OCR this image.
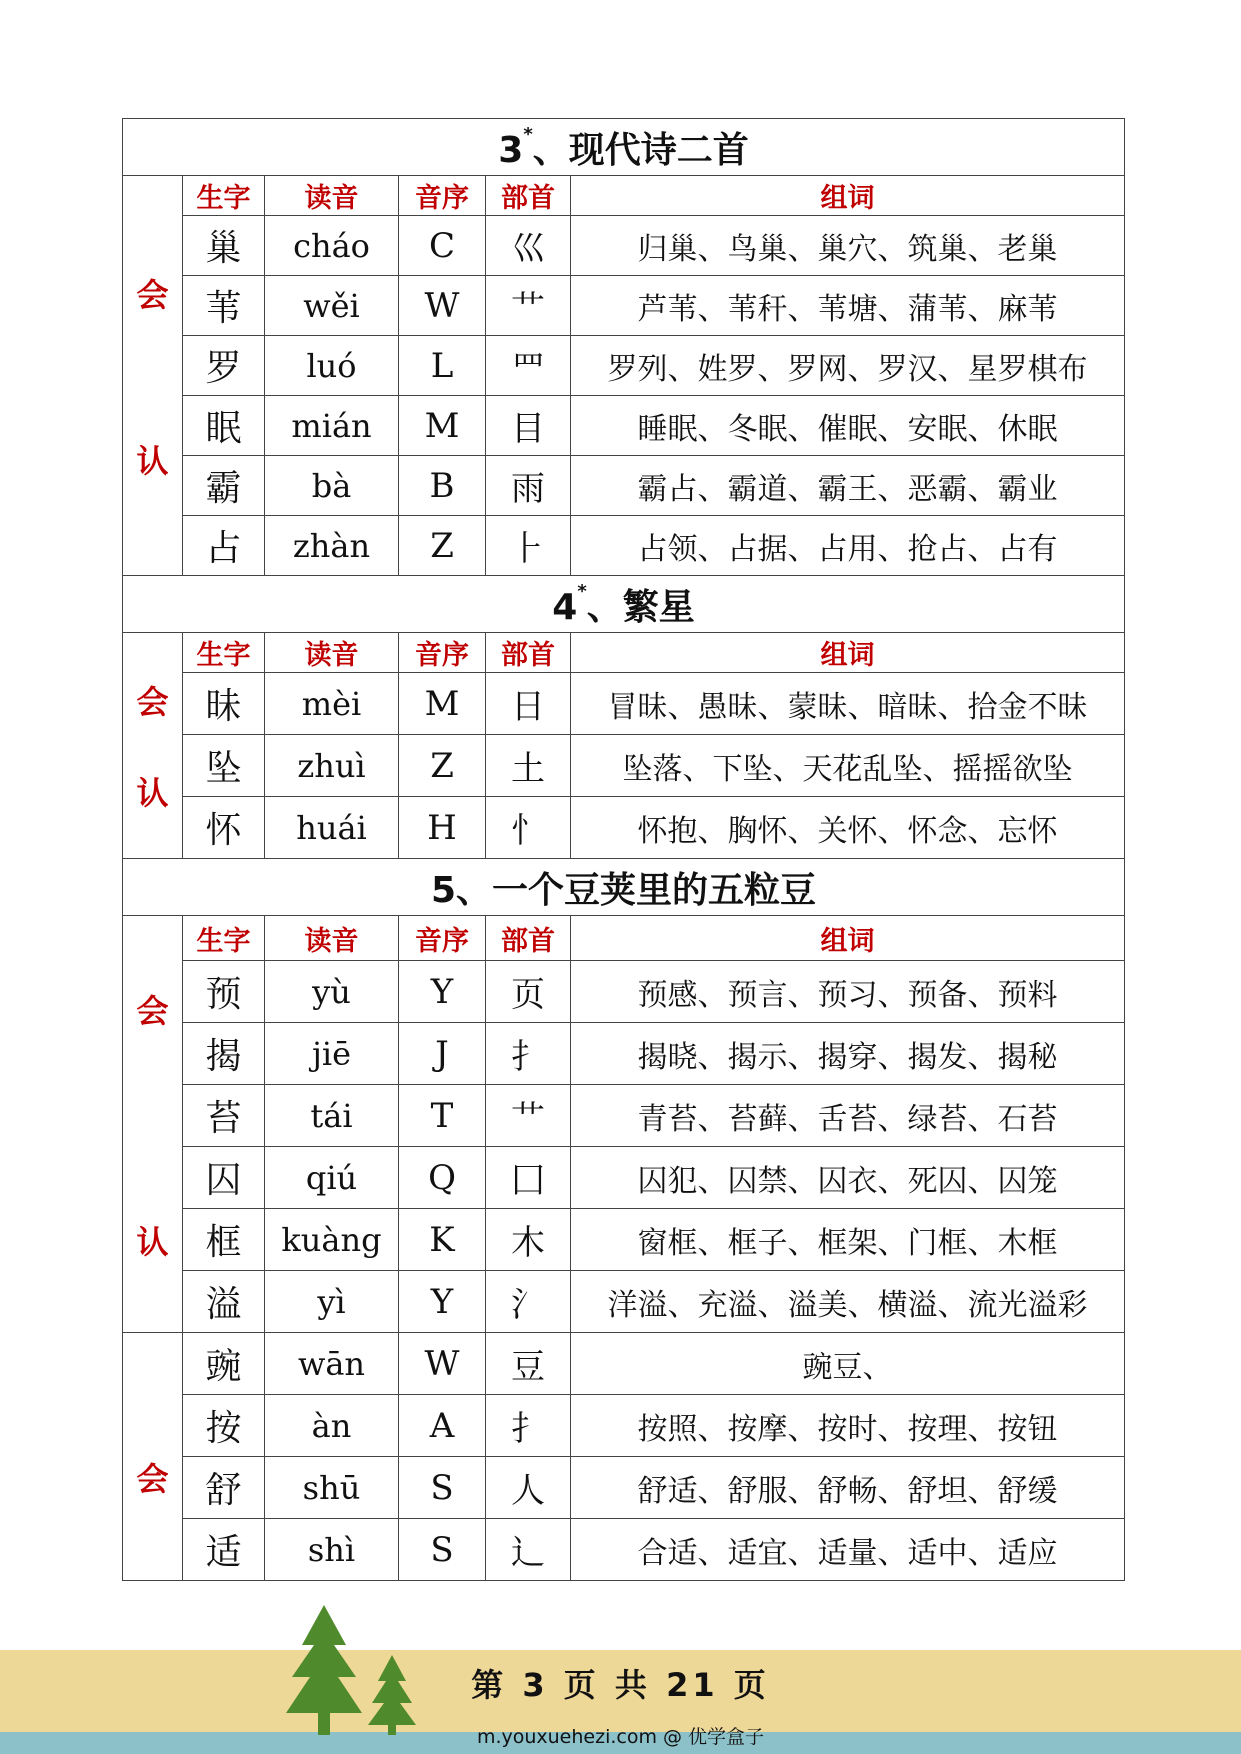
3*、现代诗二首					

会
认	生字	读音	音序	部首	组词
	巢	cháo	C	巛	归巢、鸟巢、巢穴、筑巢、老巢
	苇	wěi	W	艹	芦苇、苇秆、苇塘、蒲苇、麻苇
	罗	luó	L	罒	罗列、姓罗、罗网、罗汉、星罗棋布
	眠	mián	M	目	睡眠、冬眠、催眠、安眠、休眠
	霸	bà	B	雨	霸占、霸道、霸王、恶霸、霸业
	占	zhàn	Z	⺊	占领、占据、占用、抢占、占有
4*、繁星					

会
认	生字	读音	音序	部首	组词
	昧	mèi	M	日	冒昧、愚昧、蒙昧、暗昧、拾金不昧
	坠	zhuì	Z	土	坠落、下坠、天花乱坠、摇摇欲坠
	怀	huái	H	忄	怀抱、胸怀、关怀、怀念、忘怀
5、一个豆荚里的五粒豆					

会
认	生字	读音	音序	部首	组词
	预	yù	Y	页	预感、预言、预习、预备、预料
	揭	jiē	J	扌	揭晓、揭示、揭穿、揭发、揭秘
	苔	tái	T	艹	青苔、苔藓、舌苔、绿苔、石苔
	囚	qiú	Q	囗	囚犯、囚禁、囚衣、死囚、囚笼
	框	kuàng	K	木	窗框、框子、框架、门框、木框
	溢	yì	Y	氵	洋溢、充溢、溢美、横溢、流光溢彩

会	豌	wān	W	豆	豌豆、
	按	àn	A	扌	按照、按摩、按时、按理、按钮
	舒	shū	S	人	舒适、舒服、舒畅、舒坦、舒缓
	适	shì	S	辶	合适、适宜、适量、适中、适应
第 3 页 共 21 页
m.youxuehezi.com @ 优学盒子
